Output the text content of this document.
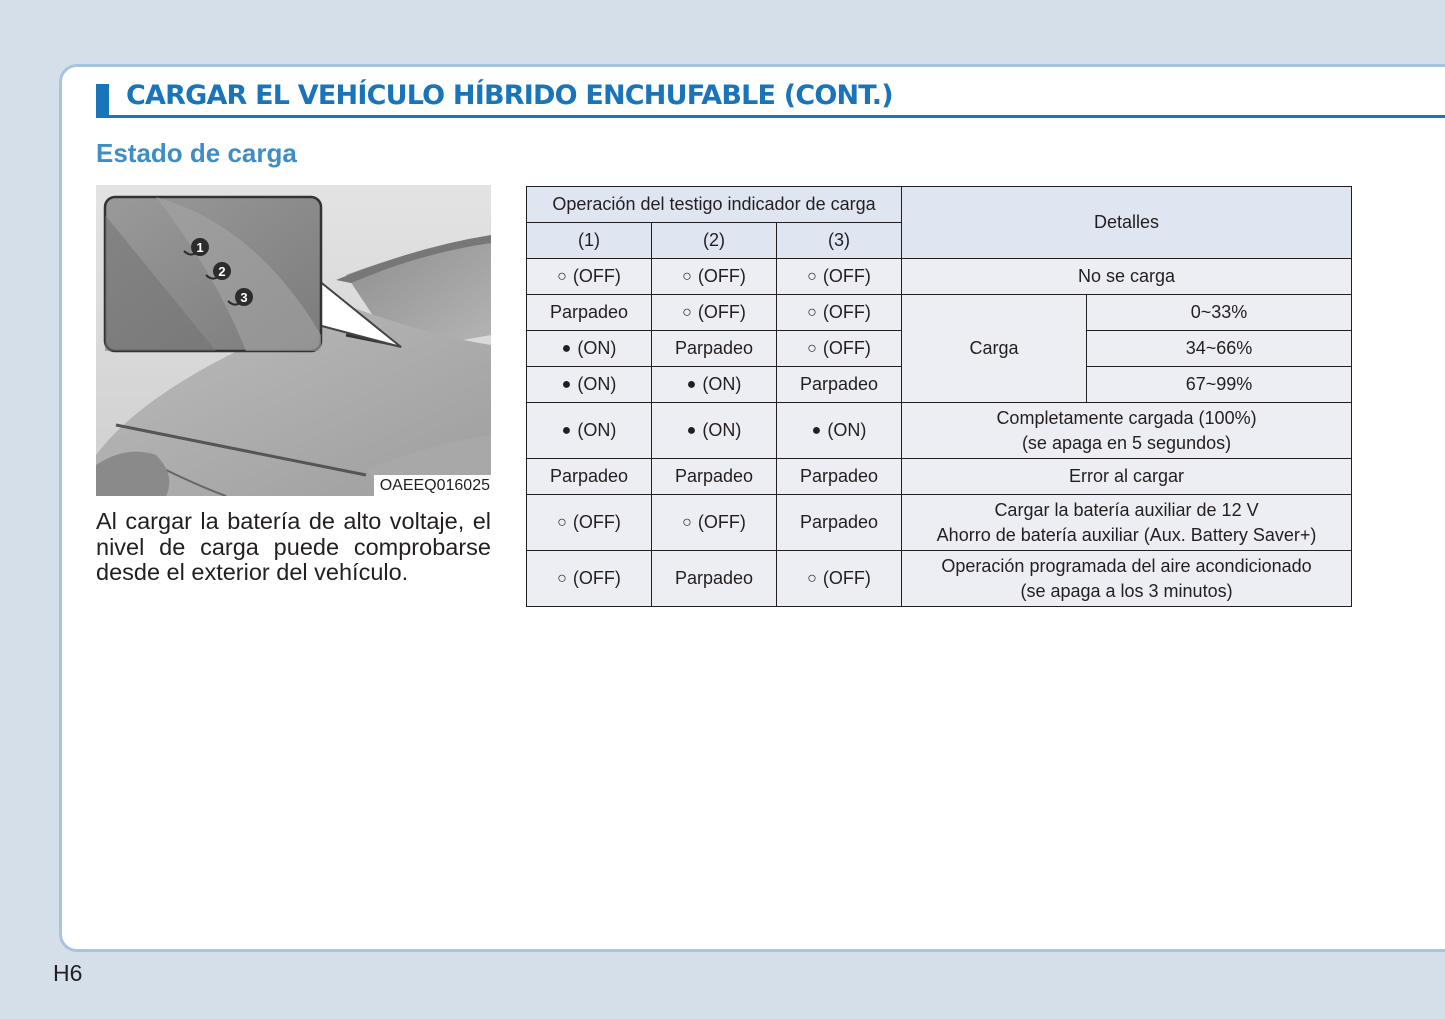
CARGAR EL VEHÍCULO HÍBRIDO ENCHUFABLE (CONT.)
Estado de carga
1
2
3
OAEEQ016025

Al cargar la batería de alto voltaje, el nivel de carga puede comprobarse desde el exterior del vehículo.

Operación del testigo indicador de carga			Detalles	
(1)	(2)	(3)		
○ (OFF)	○ (OFF)	○ (OFF)	No se carga	
Parpadeo	○ (OFF)	○ (OFF)	Carga	0~33%
● (ON)	Parpadeo	○ (OFF)		34~66%
● (ON)	● (ON)	Parpadeo		67~99%
● (ON)	● (ON)	● (ON)	Completamente cargada (100%)
(se apaga en 5 segundos)	

Parpadeo	Parpadeo	Parpadeo	Error al cargar	
○ (OFF)	○ (OFF)	Parpadeo	Cargar la batería auxiliar de 12 V
Ahorro de batería auxiliar (Aux. Battery Saver+)	

○ (OFF)	Parpadeo	○ (OFF)	Operación programada del aire acondicionado
(se apaga a los 3 minutos)	

H6
